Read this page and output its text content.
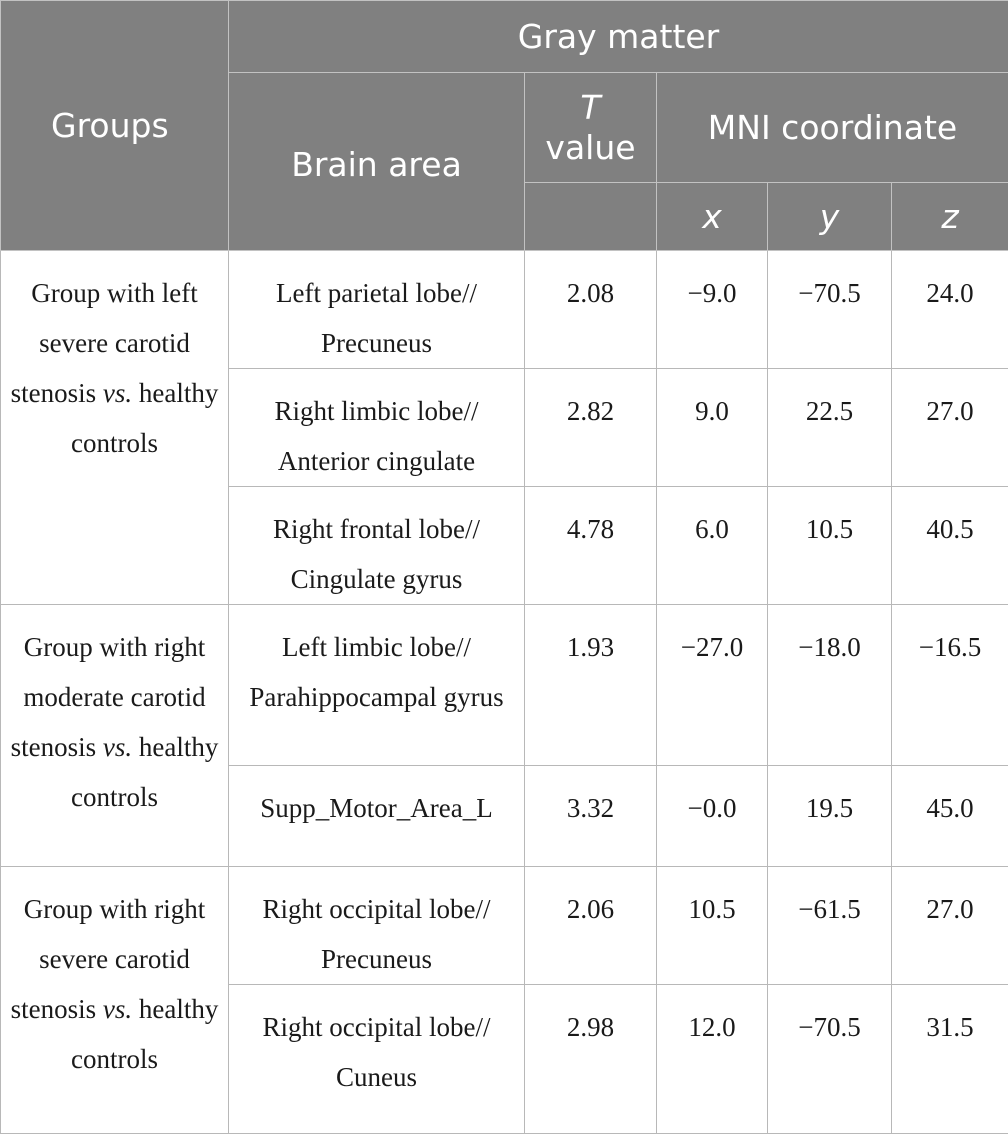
Groups	Gray matter				
	Brain area	T
value	MNI coordinate		
			x	y	z
Group with left severe carotid stenosis vs. healthy controls	Left parietal lobe//

Precuneus	2.08	−9.0	−70.5	24.0

	Right limbic lobe//

Anterior cingulate	2.82	9.0	22.5	27.0

	Right frontal lobe//

Cingulate gyrus	4.78	6.0	10.5	40.5
Group with right moderate carotid stenosis vs. healthy controls	Left limbic lobe//

Parahippocampal gyrus	1.93	−27.0	−18.0	−16.5

	Supp_Motor_Area_L	3.32	−0.0	19.5	45.0
Group with right severe carotid stenosis vs. healthy controls	Right occipital lobe//

Precuneus	2.06	10.5	−61.5	27.0

	Right occipital lobe//

Cuneus	2.98	12.0	−70.5	31.5
